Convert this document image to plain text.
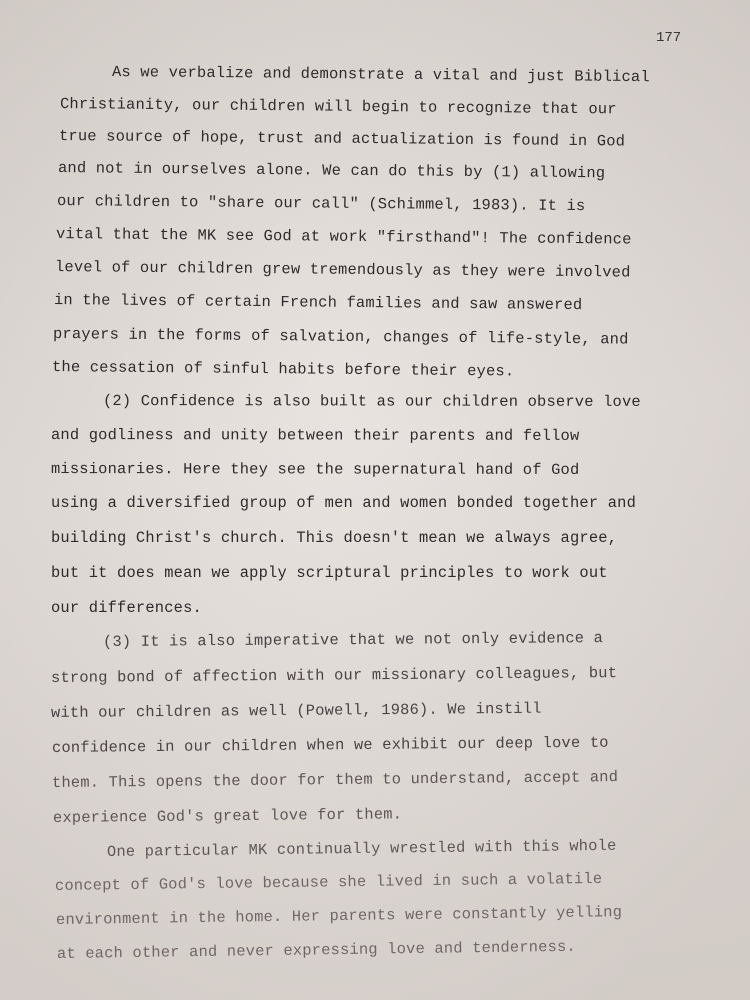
177

As we verbalize and demonstrate a vital and just Biblical

Christianity, our children will begin to recognize that our

true source of hope, trust and actualization is found in God

and not in ourselves alone. We can do this by (1) allowing

our children to "share our call" (Schimmel, 1983). It is

vital that the MK see God at work "firsthand"! The confidence

level of our children grew tremendously as they were involved

in the lives of certain French families and saw answered

prayers in the forms of salvation, changes of life-style, and

the cessation of sinful habits before their eyes.

(2) Confidence is also built as our children observe love

and godliness and unity between their parents and fellow

missionaries. Here they see the supernatural hand of God

using a diversified group of men and women bonded together and

building Christ's church. This doesn't mean we always agree,

but it does mean we apply scriptural principles to work out

our differences.

(3) It is also imperative that we not only evidence a

strong bond of affection with our missionary colleagues, but

with our children as well (Powell, 1986). We instill

confidence in our children when we exhibit our deep love to

them. This opens the door for them to understand, accept and

experience God's great love for them.

One particular MK continually wrestled with this whole

concept of God's love because she lived in such a volatile

environment in the home. Her parents were constantly yelling

at each other and never expressing love and tenderness.
